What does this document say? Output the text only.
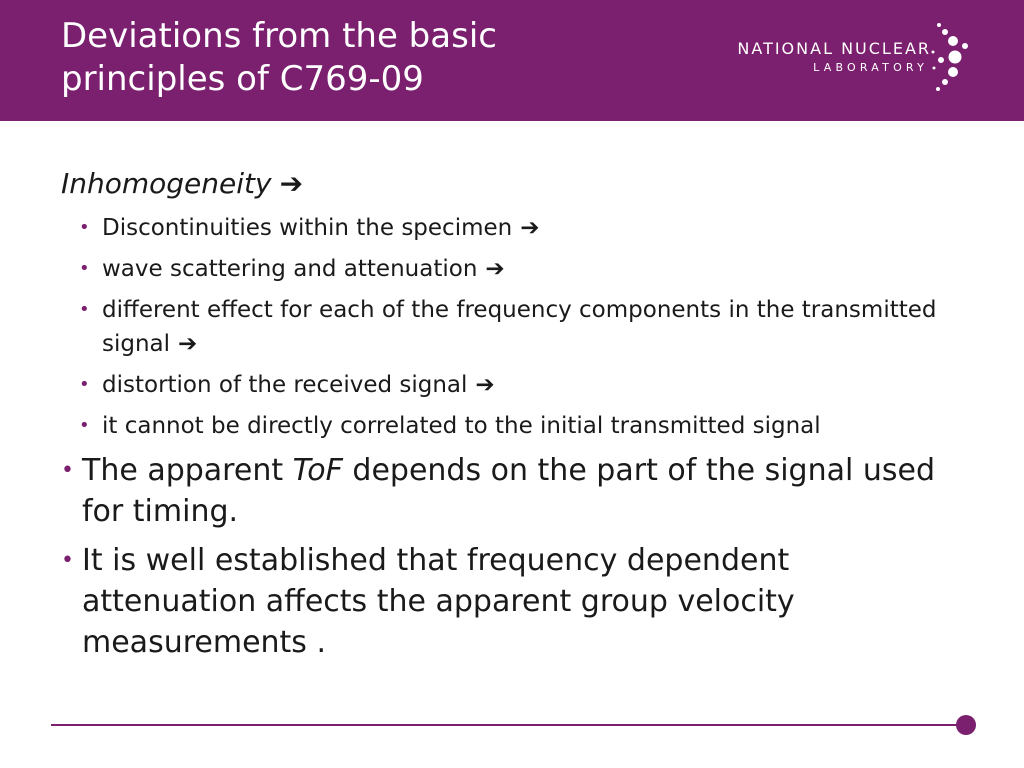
Deviations from the basic
principles of C769-09
NATIONAL NUCLEAR
LABORATORY

Inhomogeneity ➔

• Discontinuities within the specimen ➔
• wave scattering and attenuation ➔
• different effect for each of the frequency components in the transmitted signal ➔
• distortion of the received signal ➔
• it cannot be directly correlated to the initial transmitted signal
• The apparent ToF depends on the part of the signal used for timing.
• It is well established that frequency dependent attenuation affects the apparent group velocity measurements .
